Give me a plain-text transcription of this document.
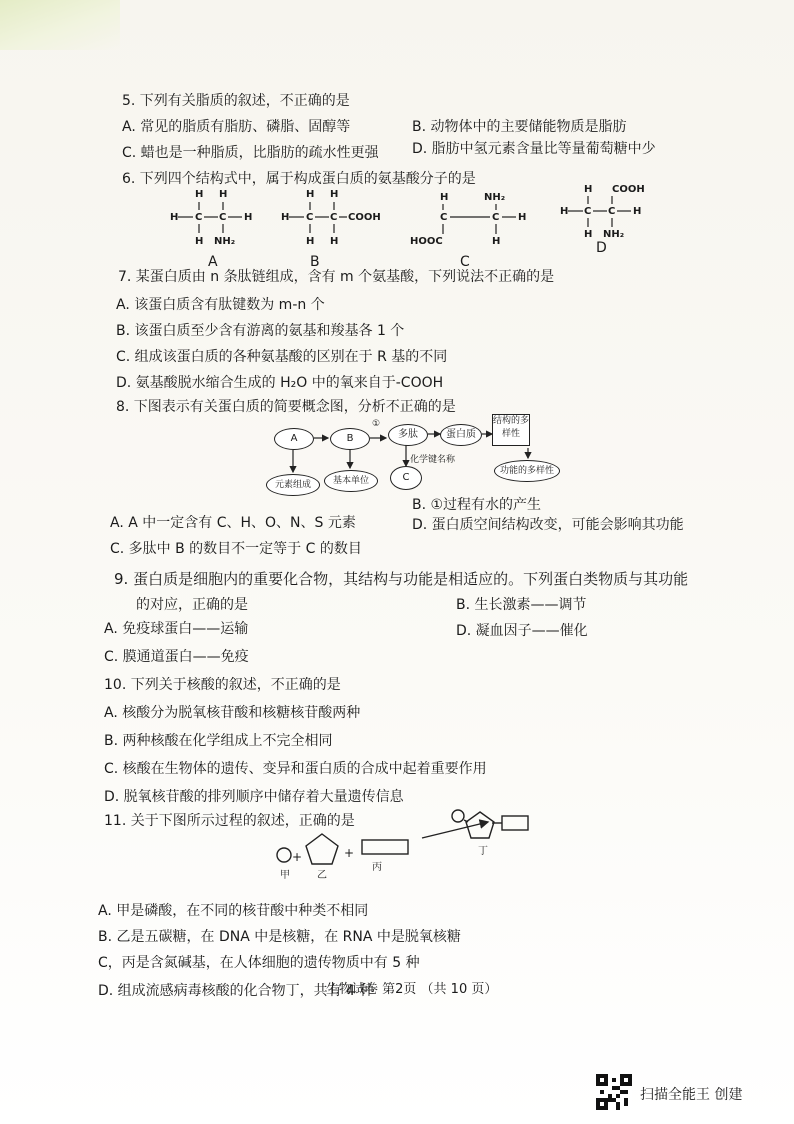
5. 下列有关脂质的叙述，不正确的是
A. 常见的脂质有脂肪、磷脂、固醇等	B. 动物体中的主要储能物质是脂肪
C. 蜡也是一种脂质，比脂肪的疏水性更强 D. 脂肪中氢元素含量比等量葡萄糖中少
6. 下列四个结构式中，属于构成蛋白质的氨基酸分子的是
H H
H C C H
H NH₂
A
H H
H C C COOH
H H
B
H	NH₂
C	C H
HOOC	H
C
H COOH
H C C H
H NH₂
D
7. 某蛋白质由 n 条肽链组成，含有 m 个氨基酸，下列说法不正确的是
A. 该蛋白质含有肽键数为 m-n 个
B. 该蛋白质至少含有游离的氨基和羧基各 1 个
C. 组成该蛋白质的各种氨基酸的区别在于 R 基的不同
D. 氨基酸脱水缩合生成的 H₂O 中的氧来自于-COOH
8. 下图表示有关蛋白质的简要概念图，分析不正确的是
A	B
①
多肽	蛋白质
结构的多样性
功能的多样性
元素组成	基本单位
化学键名称
C
A. A 中一定含有 C、H、O、N、S 元素
B. ①过程有水的产生
C. 多肽中 B 的数目不一定等于 C 的数目
D. 蛋白质空间结构改变，可能会影响其功能
9. 蛋白质是细胞内的重要化合物，其结构与功能是相适应的。下列蛋白类物质与其功能
的对应，正确的是	B. 生长激素——调节
A. 免疫球蛋白——运输	D. 凝血因子——催化
C. 膜通道蛋白——免疫
10. 下列关于核酸的叙述，不正确的是
A. 核酸分为脱氧核苷酸和核糖核苷酸两种
B. 两种核酸在化学组成上不完全相同
C. 核酸在生物体的遗传、变异和蛋白质的合成中起着重要作用
D. 脱氧核苷酸的排列顺序中储存着大量遗传信息
11. 关于下图所示过程的叙述，正确的是
+	+
甲	乙
丙
丁
A. 甲是磷酸，在不同的核苷酸中种类不相同
B. 乙是五碳糖，在 DNA 中是核糖，在 RNA 中是脱氧核糖
C，丙是含氮碱基，在人体细胞的遗传物质中有 5 种
D. 组成流感病毒核酸的化合物丁，共有 4 种
生物试卷 第2页 （共 10 页）
扫描全能王 创建
